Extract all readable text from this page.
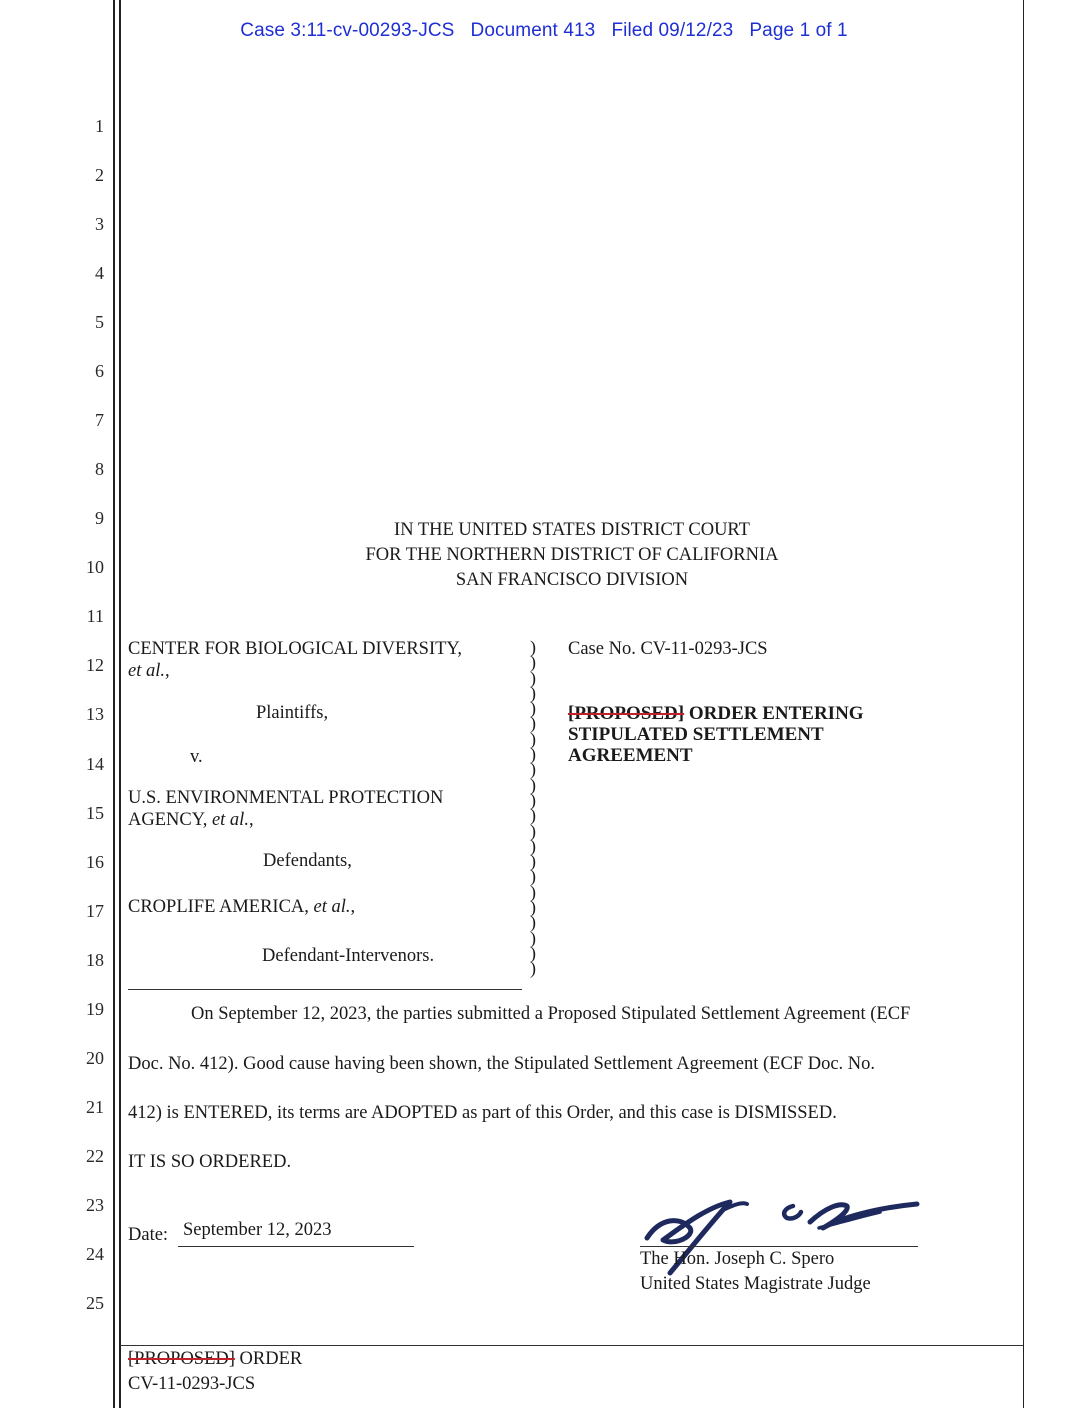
Case 3:11-cv-00293-JCS   Document 413   Filed 09/12/23   Page 1 of 1
1
2
3
4
5
6
7
8
9
10
11
12
13
14
15
16
17
18
19
20
21
22
23
24
25
IN THE UNITED STATES DISTRICT COURT
FOR THE NORTHERN DISTRICT OF CALIFORNIA
SAN FRANCISCO DIVISION
CENTER FOR BIOLOGICAL DIVERSITY,
et al.,
Plaintiffs,
v.
U.S. ENVIRONMENTAL PROTECTION
AGENCY, et al.,
Defendants,
CROPLIFE AMERICA, et al.,
Defendant-Intervenors.
)
)
)
)
)
)
)
)
)
)
)
)
)
)
)
)
)
)
)
)
)
)
Case No. CV-11-0293-JCS
[PROPOSED] ORDER ENTERING
STIPULATED SETTLEMENT
AGREEMENT
On September 12, 2023, the parties submitted a Proposed Stipulated Settlement Agreement (ECF
Doc. No. 412). Good cause having been shown, the Stipulated Settlement Agreement (ECF Doc. No.
412) is ENTERED, its terms are ADOPTED as part of this Order, and this case is DISMISSED.
IT IS SO ORDERED.
Date: September 12, 2023
The Hon. Joseph C. Spero
United States Magistrate Judge
[PROPOSED] ORDER
CV-11-0293-JCS
